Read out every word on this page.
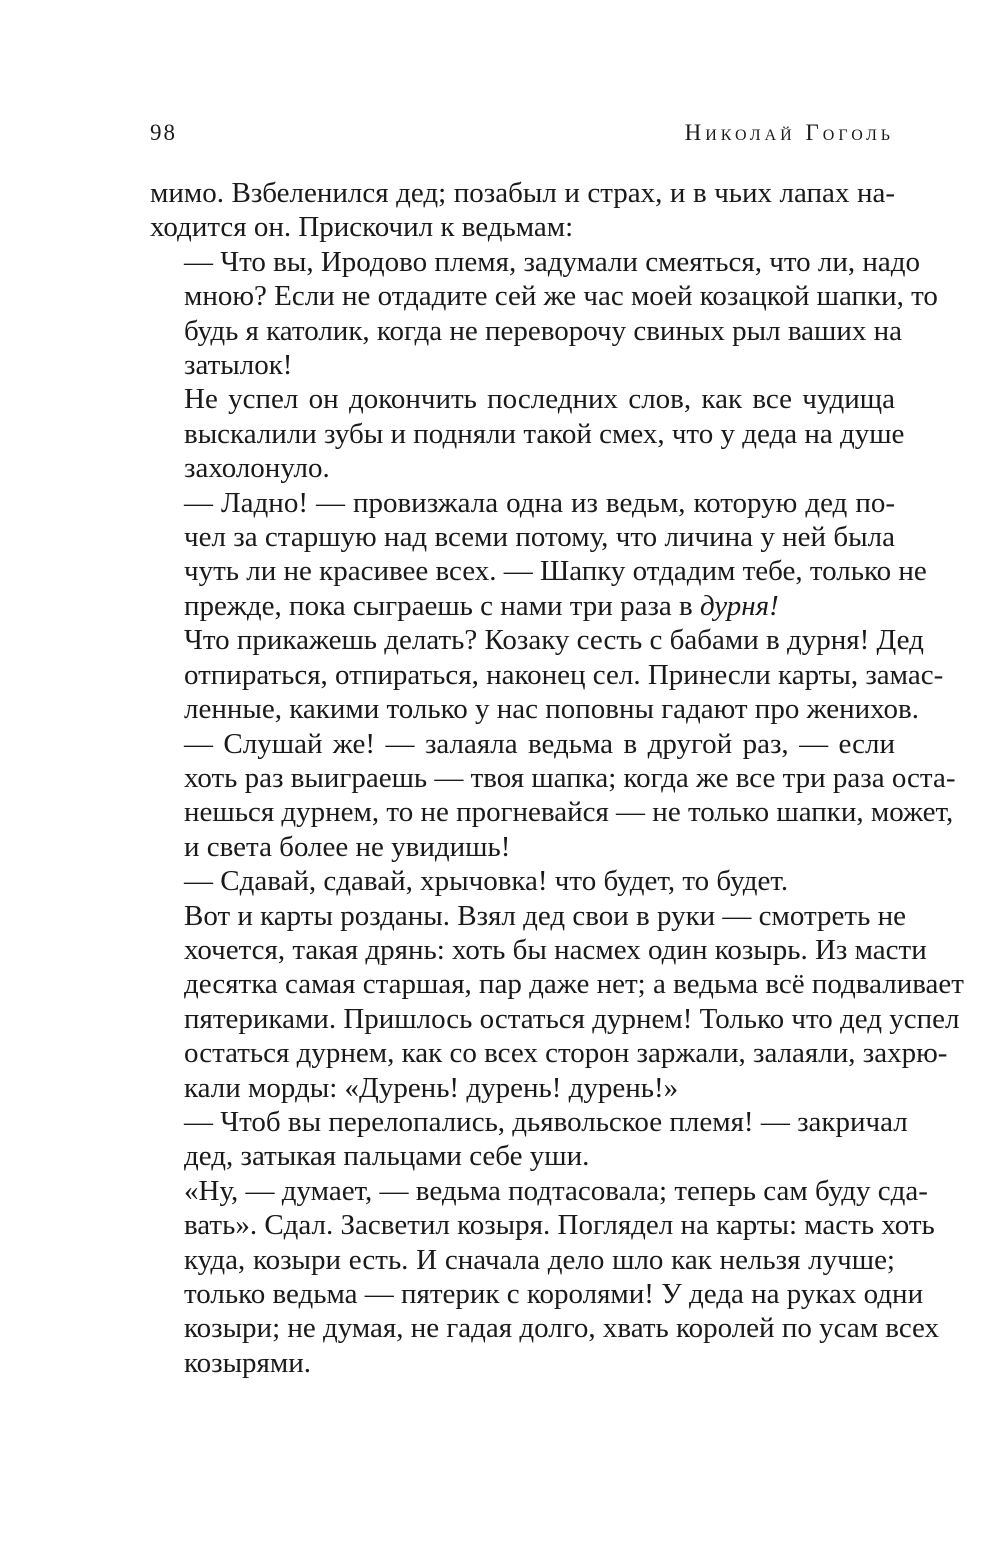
98	Николай Гоголь

мимо. Взбеленился дед; позабыл и страх, и в чьих лапах на-
ходится он. Прискочил к ведьмам:

— Что вы, Иродово племя, задумали смеяться, что ли, надо
мною? Если не отдадите сей же час моей козацкой шапки, то
будь я католик, когда не переворочу свиных рыл ваших на
затылок!

Не успел он докончить последних слов, как все чудища
выскалили зубы и подняли такой смех, что у деда на душе
захолонуло.

— Ладно! — провизжала одна из ведьм, которую дед по-
чел за старшую над всеми потому, что личина у ней была
чуть ли не красивее всех. — Шапку отдадим тебе, только не
прежде, пока сыграешь с нами три раза в дурня!

Что прикажешь делать? Козаку сесть с бабами в дурня! Дед
отпираться, отпираться, наконец сел. Принесли карты, замас-
ленные, какими только у нас поповны гадают про женихов.

— Слушай же! — залаяла ведьма в другой раз, — если
хоть раз выиграешь — твоя шапка; когда же все три раза оста-
нешься дурнем, то не прогневайся — не только шапки, может,
и света более не увидишь!

— Сдавай, сдавай, хрычовка! что будет, то будет.

Вот и карты розданы. Взял дед свои в руки — смотреть не
хочется, такая дрянь: хоть бы насмех один козырь. Из масти
десятка самая старшая, пар даже нет; а ведьма всё подваливает
пятериками. Пришлось остаться дурнем! Только что дед успел
остаться дурнем, как со всех сторон заржали, залаяли, захрю-
кали морды: «Дурень! дурень! дурень!»

— Чтоб вы перелопались, дьявольское племя! — закричал
дед, затыкая пальцами себе уши.

«Ну, — думает, — ведьма подтасовала; теперь сам буду сда-
вать». Сдал. Засветил козыря. Поглядел на карты: масть хоть
куда, козыри есть. И сначала дело шло как нельзя лучше;
только ведьма — пятерик с королями! У деда на руках одни
козыри; не думая, не гадая долго, хвать королей по усам всех
козырями.
